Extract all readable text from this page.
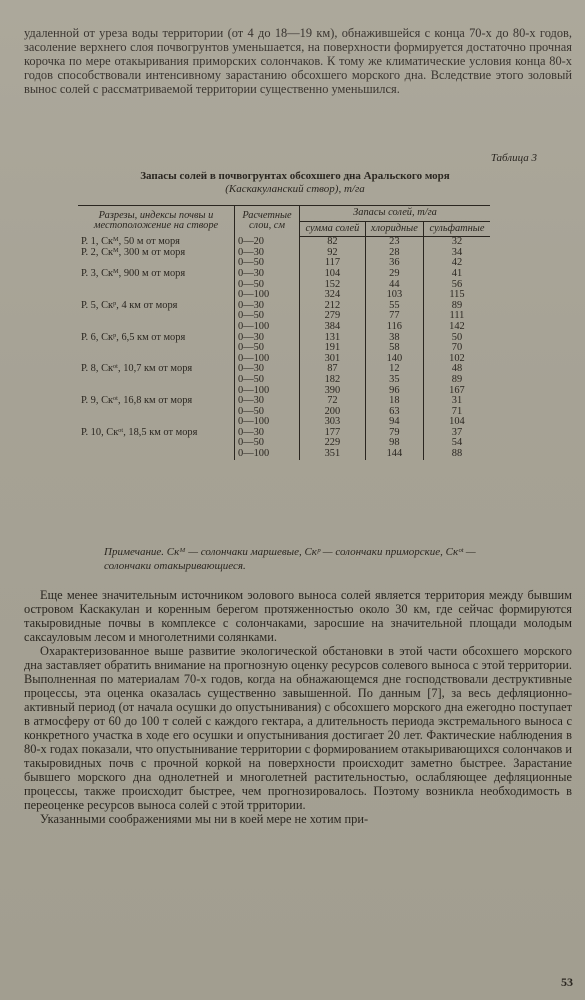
удаленной от уреза воды территории (от 4 до 18—19 км), обнажившейся с конца 70-х до 80-х годов, засоление верхнего слоя почвогрунтов уменьшается, на поверхности формируется достаточно прочная корочка по мере отакыривания приморских солончаков. К тому же климатические условия конца 80-х годов способствовали интенсивному зарастанию обсохшего морского дна. Вследствие этого золовый вынос солей с рассматриваемой территории существенно уменьшился.

Таблица 3
Запасы солей в почвогрунтах обсохшего дна Аральского моря
(Каскакуланский створ), т/га
Разрезы, индексы почвы и местоположение на створе	Расчетные слои, см	Запасы солей, т/га		
		сумма солей	хлоридные	сульфатные
Р. 1, Скᴹ, 50 м от моря	0—20	82	23	32
Р. 2, Скᴹ, 300 м от моря	0—30	92	28	34
	0—50	117	36	42
Р. 3, Скᴹ, 900 м от моря	0—30	104	29	41
	0—50	152	44	56
	0—100	324	103	115
Р. 5, Скᵖ, 4 км от моря	0—30	212	55	89
	0—50	279	77	111
	0—100	384	116	142
Р. 6, Скᵖ, 6,5 км от моря	0—30	131	38	50
	0—50	191	58	70
	0—100	301	140	102
Р. 8, Скᵒᵗ, 10,7 км от моря	0—30	87	12	48
	0—50	182	35	89
	0—100	390	96	167
Р. 9, Скᵒᵗ, 16,8 км от моря	0—30	72	18	31
	0—50	200	63	71
	0—100	303	94	104
Р. 10, Скᵒᵗ, 18,5 км от моря	0—30	177	79	37
	0—50	229	98	54
	0—100	351	144	88
Примечание. Скᴹ — солончаки маршевые, Скᵖ — солончаки приморские, Скᵒᵗ — солончаки отакыривающиеся.

Еще менее значительным источником эолового выноса солей является территория между бывшим островом Каскакулан и коренным берегом протяженностью около 30 км, где сейчас формируются такыровидные почвы в комплексе с солончаками, заросшие на значительной площади молодым саксауловым лесом и многолетними солянками.

Охарактеризованное выше развитие экологической обстановки в этой части обсохшего морского дна заставляет обратить внимание на прогнозную оценку ресурсов солевого выноса с этой территории. Выполненная по материалам 70-х годов, когда на обнажающемся дне господствовали деструктивные процессы, эта оценка оказалась существенно завышенной. По данным [7], за весь дефляционно-активный период (от начала осушки до опустынивания) с обсохшего морского дна ежегодно поступает в атмосферу от 60 до 100 т солей с каждого гектара, а длительность периода экстремального выноса с конкретного участка в ходе его осушки и опустынивания достигает 20 лет. Фактические наблюдения в 80-х годах показали, что опустынивание территории с формированием отакыривающихся солончаков и такыровидных почв с прочной коркой на поверхности происходит заметно быстрее. Зарастание бывшего морского дна однолетней и многолетней растительностью, ослабляющее дефляционные процессы, также происходит быстрее, чем прогнозировалось. Поэтому возникла необходимость в переоценке ресурсов выноса солей с этой трритории.

Указанными соображениями мы ни в коей мере не хотим при-

53
